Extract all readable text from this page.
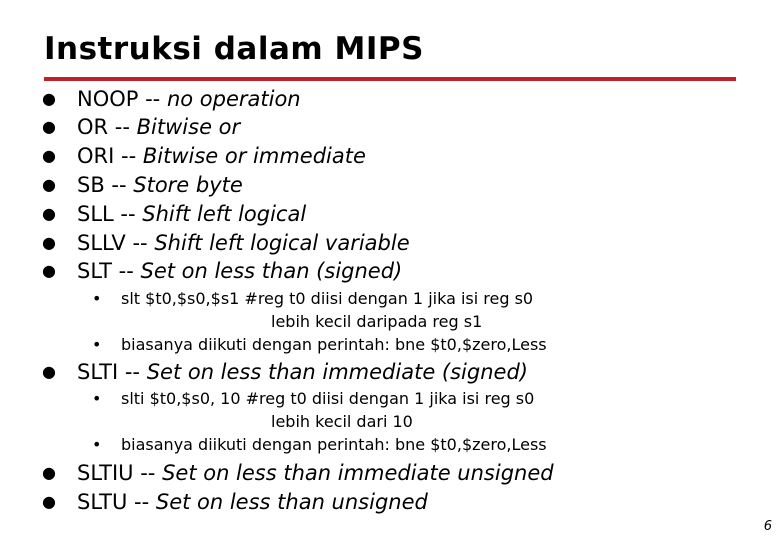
Instruksi dalam MIPS
● NOOP -- no operation
● OR -- Bitwise or
● ORI -- Bitwise or immediate
● SB -- Store byte
● SLL -- Shift left logical
● SLLV -- Shift left logical variable
● SLT -- Set on less than (signed)
• slt $t0,$s0,$s1 #reg t0 diisi dengan 1 jika isi reg s0
lebih kecil daripada reg s1
• biasanya diikuti dengan perintah: bne $t0,$zero,Less
● SLTI -- Set on less than immediate (signed)
• slti $t0,$s0, 10 #reg t0 diisi dengan 1 jika isi reg s0
lebih kecil dari 10
• biasanya diikuti dengan perintah: bne $t0,$zero,Less
● SLTIU -- Set on less than immediate unsigned
● SLTU -- Set on less than unsigned
6
